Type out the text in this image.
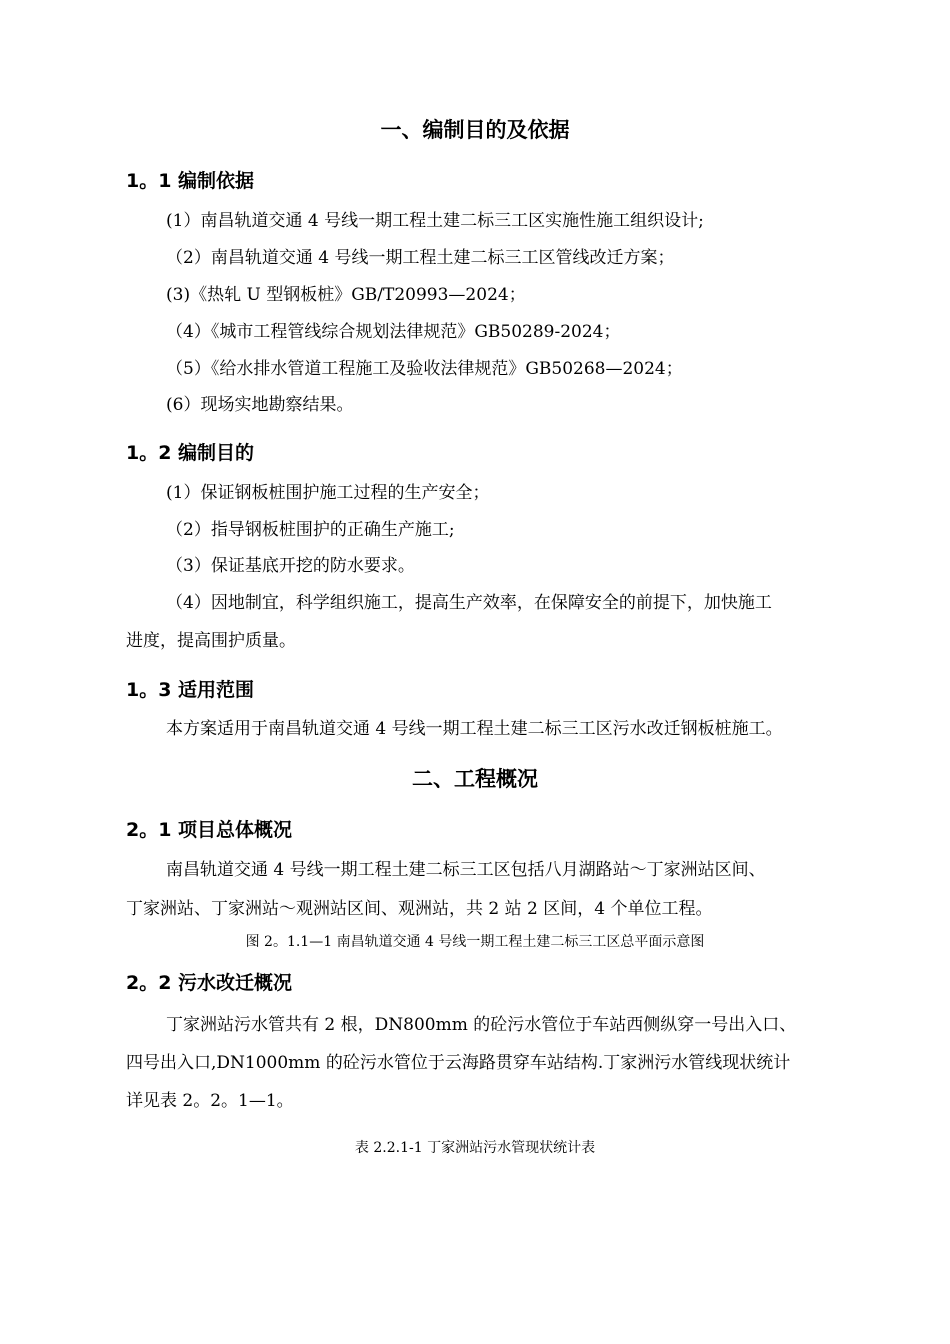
一、编制目的及依据
1。1 编制依据
(1）南昌轨道交通 4 号线一期工程土建二标三工区实施性施工组织设计;
（2）南昌轨道交通 4 号线一期工程土建二标三工区管线改迁方案；
(3)《热轧 U 型钢板桩》GB/T20993—2024；
（4）《城市工程管线综合规划法律规范》GB50289-2024；
（5）《给水排水管道工程施工及验收法律规范》GB50268—2024；
(6）现场实地勘察结果。
1。2 编制目的
(1）保证钢板桩围护施工过程的生产安全；
（2）指导钢板桩围护的正确生产施工;
（3）保证基底开挖的防水要求。
（4）因地制宜，科学组织施工，提高生产效率，在保障安全的前提下，加快施工
进度，提高围护质量。
1。3 适用范围
本方案适用于南昌轨道交通 4 号线一期工程土建二标三工区污水改迁钢板桩施工。
二、工程概况
2。1 项目总体概况
南昌轨道交通 4 号线一期工程土建二标三工区包括八月湖路站～丁家洲站区间、
丁家洲站、丁家洲站～观洲站区间、观洲站，共 2 站 2 区间，4 个单位工程。
图 2。1.1—1 南昌轨道交通 4 号线一期工程土建二标三工区总平面示意图
2。2 污水改迁概况
丁家洲站污水管共有 2 根，DN800mm 的砼污水管位于车站西侧纵穿一号出入口、
四号出入口,DN1000mm 的砼污水管位于云海路贯穿车站结构.丁家洲污水管线现状统计
详见表 2。2。1—1。
表 2.2.1-1 丁家洲站污水管现状统计表
